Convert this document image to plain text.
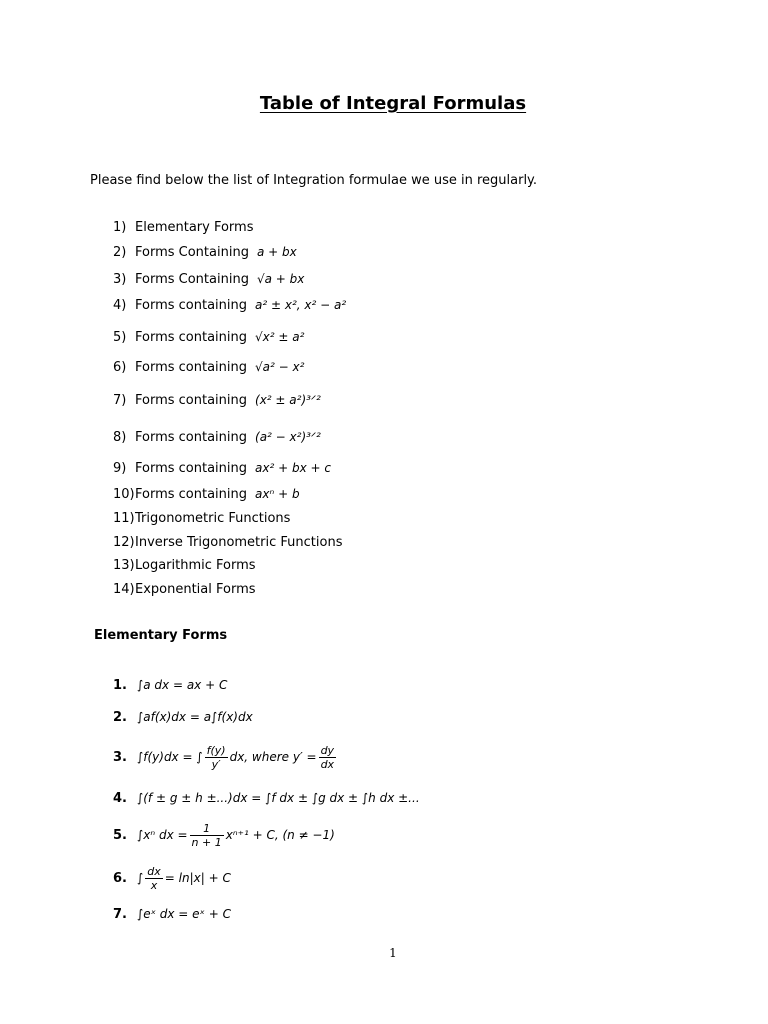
Table of Integral Formulas
Please find below the list of Integration formulae we use in regularly.
1) Elementary Forms
2) Forms Containing a + bx
3) Forms Containing √a + bx
4) Forms containing a² ± x², x² − a²
5) Forms containing √x² ± a²
6) Forms containing √a² − x²
7) Forms containing (x² ± a²)³ᐟ²
8) Forms containing (a² − x²)³ᐟ²
9) Forms containing ax² + bx + c
10)Forms containing axⁿ + b
11)Trigonometric Functions
12)Inverse Trigonometric Functions
13)Logarithmic Forms
14)Exponential Forms
Elementary Forms
1. ∫a dx = ax + C
2. ∫af(x)dx = a∫f(x)dx
3. ∫f(y)dx = ∫ $\frac{f(y)}{y'}$ dx, where $y' = \frac{dy}{dx}$
4. ∫(f ± g ± h ±...)dx = ∫f dx ± ∫g dx ± ∫h dx ±...
5. ∫xⁿ dx = $\frac{1}{n + 1} x^{n+1} + C$, (n ≠ −1)
6. ∫ $\frac{dx}{x} = \ln|x| + C$
7. ∫eˣ dx = eˣ + C
1
